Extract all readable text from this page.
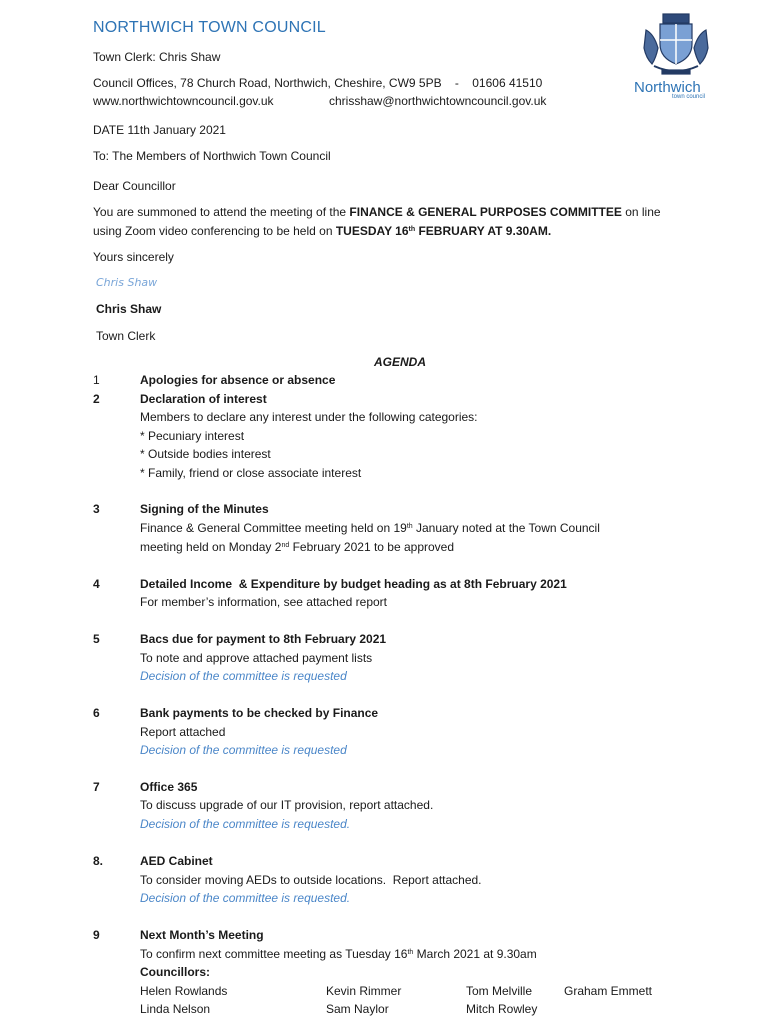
NORTHWICH TOWN COUNCIL
Town Clerk: Chris Shaw
Council Offices, 78 Church Road, Northwich, Cheshire, CW9 5PB    -    01606 41510
www.northwichtowncouncil.gov.uk	chrisshaw@northwichtowncouncil.gov.uk
Northwich
town council
DATE 11th January 2021
To: The Members of Northwich Town Council
Dear Councillor
You are summoned to attend the meeting of the FINANCE & GENERAL PURPOSES COMMITTEE on line
using Zoom video conferencing to be held on TUESDAY 16th FEBRUARY AT 9.30AM.
Yours sincerely
Chris Shaw
Chris Shaw
Town Clerk
AGENDA
1	Apologies for absence or absence
2	Declaration of interest
Members to declare any interest under the following categories:
* Pecuniary interest
* Outside bodies interest
* Family, friend or close associate interest
3	Signing of the Minutes
Finance & General Committee meeting held on 19th January noted at the Town Council
meeting held on Monday 2nd February 2021 to be approved
4	Detailed Income  & Expenditure by budget heading as at 8th February 2021
For member’s information, see attached report
5	Bacs due for payment to 8th February 2021
To note and approve attached payment lists
Decision of the committee is requested
6	Bank payments to be checked by Finance
Report attached
Decision of the committee is requested
7	Office 365
To discuss upgrade of our IT provision, report attached.
Decision of the committee is requested.
8.	AED Cabinet
To consider moving AEDs to outside locations.  Report attached.
Decision of the committee is requested.
9	Next Month’s Meeting
To confirm next committee meeting as Tuesday 16th March 2021 at 9.30am
Councillors:
Helen Rowlands	Kevin Rimmer	Tom Melville	Graham Emmett
Linda Nelson	Sam Naylor	Mitch Rowley
